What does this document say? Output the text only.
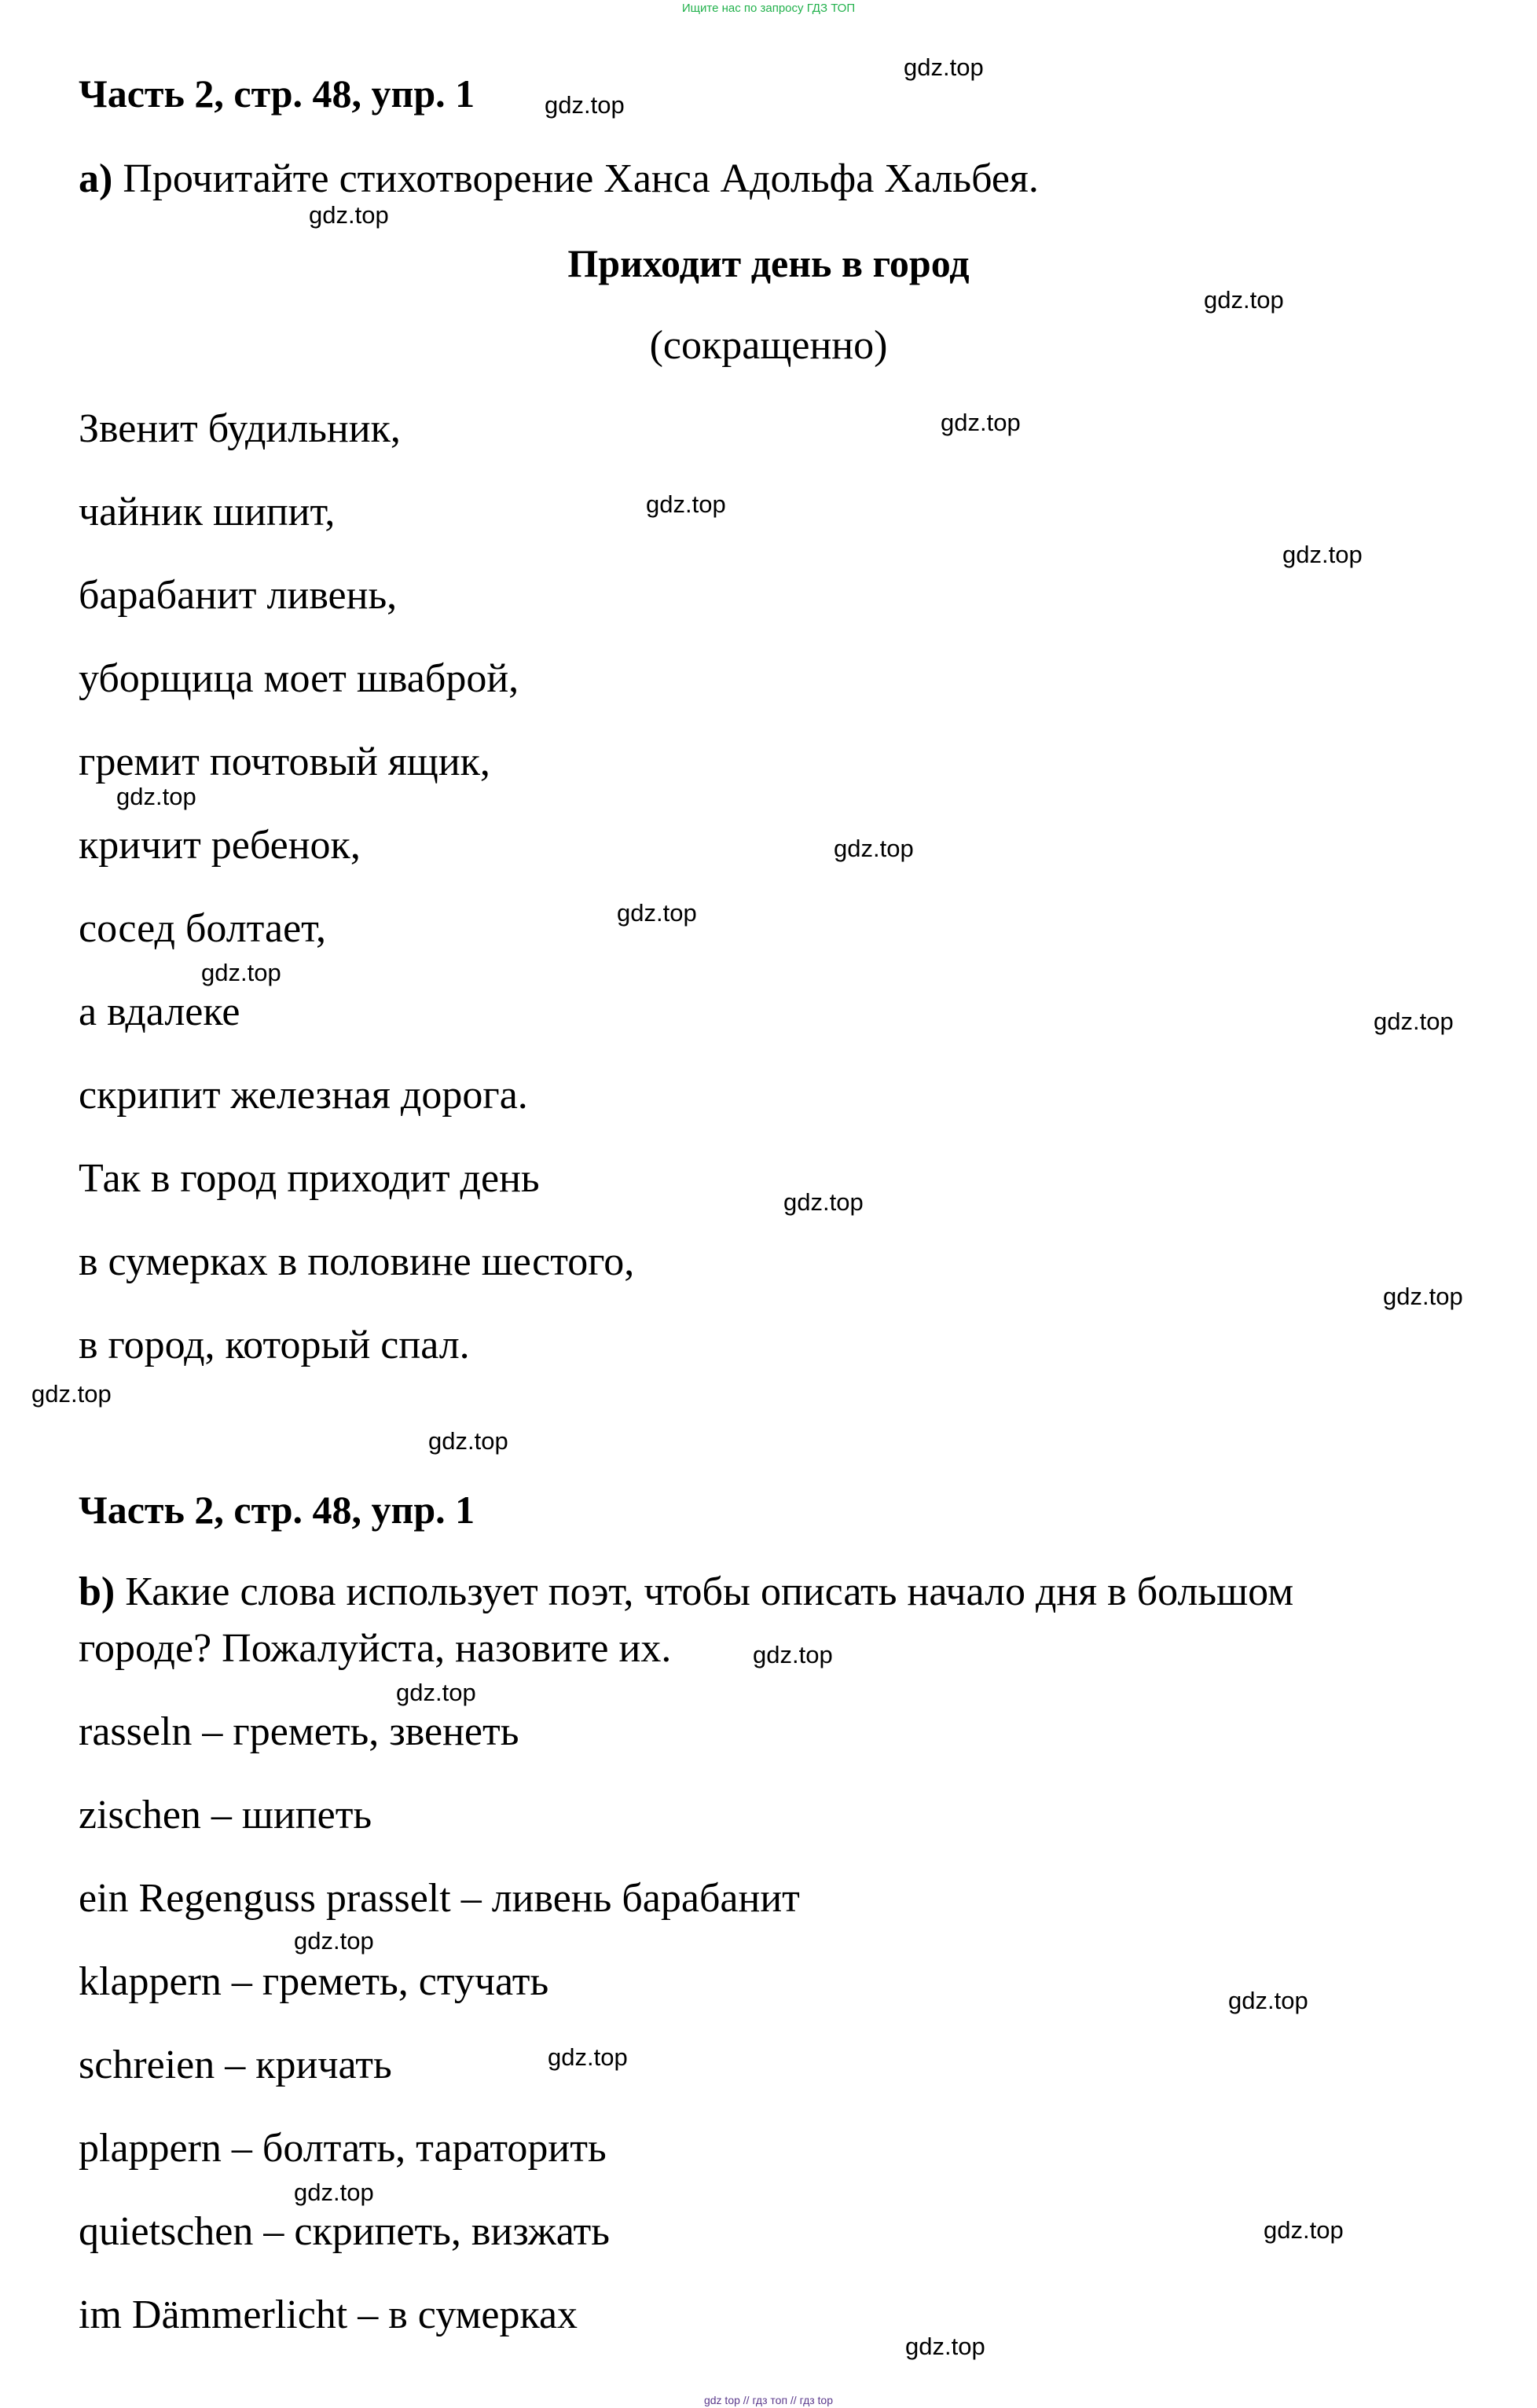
Ищите нас по запросу ГДЗ ТОП
Часть 2, стр. 48, упр. 1
a) Прочитайте стихотворение Ханса Адольфа Хальбея.
Приходит день в город
(сокращенно)
Звенит будильник,
чайник шипит,
барабанит ливень,
уборщица моет шваброй,
гремит почтовый ящик,
кричит ребенок,
сосед болтает,
а вдалеке
скрипит железная дорога.
Так в город приходит день
в сумерках в половине шестого,
в город, который спал.
Часть 2, стр. 48, упр. 1
b) Какие слова использует поэт, чтобы описать начало дня в большом
городе? Пожалуйста, назовите их.
rasseln – греметь, звенеть
zischen – шипеть
ein Regenguss prasselt – ливень барабанит
klappern – греметь, стучать
schreien – кричать
plappern – болтать, тараторить
quietschen – скрипеть, визжать
im Dämmerlicht – в сумерках
gdz.top
gdz.top
gdz.top
gdz.top
gdz.top
gdz.top
gdz.top
gdz.top
gdz.top
gdz.top
gdz.top
gdz.top
gdz.top
gdz.top
gdz.top
gdz.top
gdz.top
gdz.top
gdz.top
gdz.top
gdz.top
gdz.top
gdz.top
gdz.top
gdz top // гдз топ // гдз top
